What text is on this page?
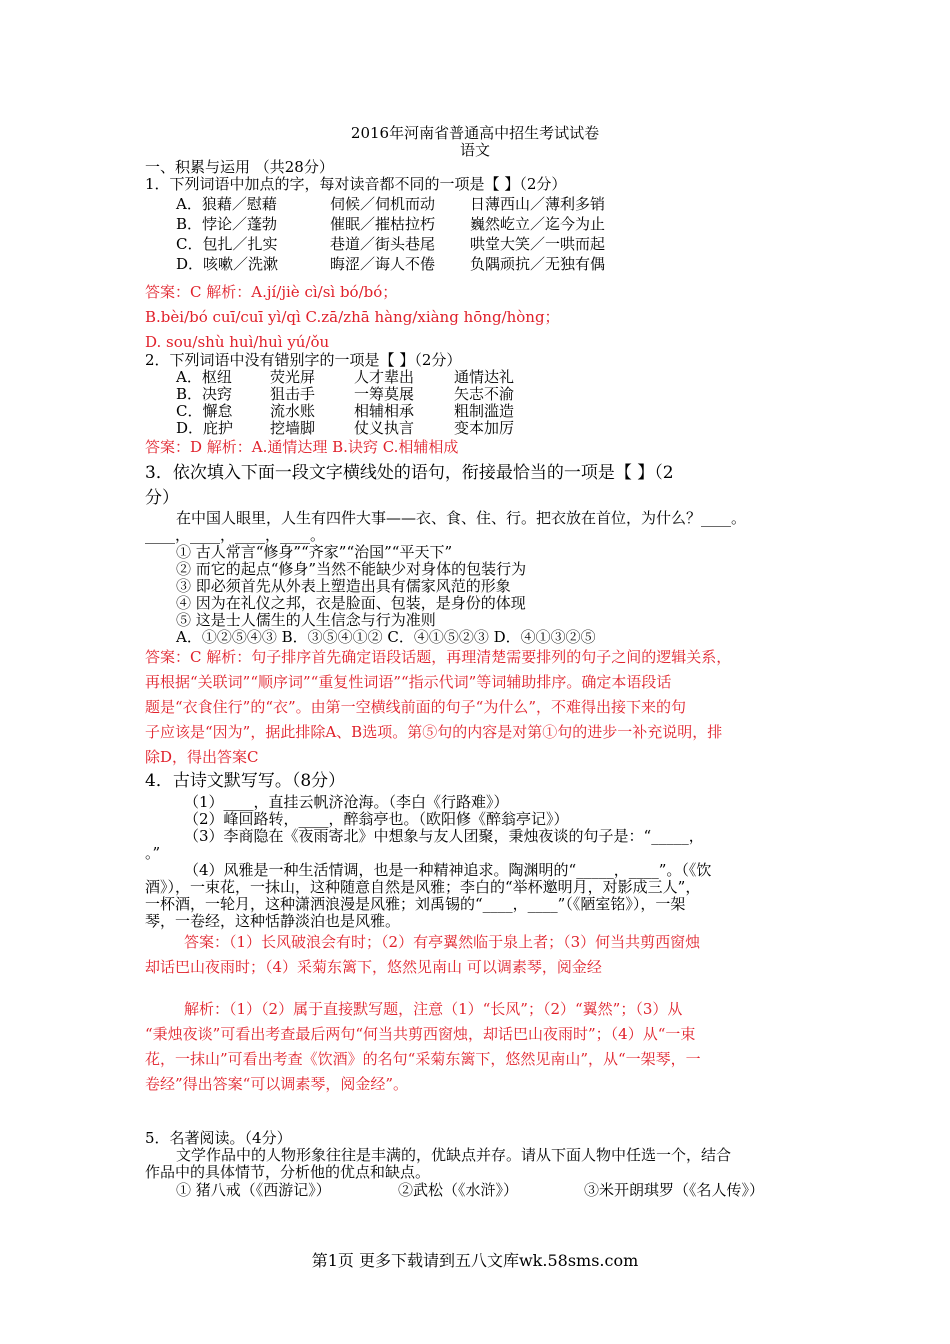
2016年河南省普通高中招生考试试卷
语文
一、积累与运用 （共28分）
1．下列词语中加点的字，每对读音都不同的一项是【 】（2分）
A．狼藉／慰藉	伺候／伺机而动 日薄西山／薄利多销
B．悖论／蓬勃	催眠／摧枯拉朽 巍然屹立／迄今为止
C．包扎／扎实	巷道／街头巷尾 哄堂大笑／一哄而起
D．咳嗽／洗漱	晦涩／诲人不倦 负隅顽抗／无独有偶
答案：C 解析：A.jí/jiè cì/sì bó/bó；
B.bèi/bó cuī/cuī yì/qì C.zā/zhā hàng/xiàng hōng/hòng；
D. sou/shù huì/huì yú/ǒu
2．下列词语中没有错别字的一项是【 】（2分）
A．枢纽	荧光屏	人才辈出	通情达礼
B．决窍	狙击手	一筹莫展	矢志不渝
C．懈怠	流水账	相辅相承	粗制滥造
D．庇护 挖墙脚	仗义执言	变本加厉
答案：D 解析：A.通情达理 B.诀窍 C.相辅相成
3．依次填入下面一段文字横线处的语句，衔接最恰当的一项是【 】（2
分）
在中国人眼里，人生有四件大事——衣、食、住、行。把衣放在首位，为什么？____。
____，____，____，____。
① 古人常言“修身”“齐家”“治国”“平天下”
② 而它的起点“修身”当然不能缺少对身体的包装行为
③ 即必须首先从外表上塑造出具有儒家风范的形象
④ 因为在礼仪之邦，衣是脸面、包装，是身份的体现
⑤ 这是士人儒生的人生信念与行为准则
A．①②⑤④③ B．③⑤④①② C．④①⑤②③ D．④①③②⑤
答案：C 解析：句子排序首先确定语段话题，再理清楚需要排列的句子之间的逻辑关系，
再根据“关联词”“顺序词”“重复性词语”“指示代词”等词辅助排序。确定本语段话
题是“衣食住行”的“衣”。由第一空横线前面的句子“为什么”，不难得出接下来的句
子应该是“因为”，据此排除A、B选项。第⑤句的内容是对第①句的进步一补充说明，排
除D，得出答案C
4．古诗文默写写。（8分）
（1）____，直挂云帆济沧海。（李白《行路难》）
（2）峰回路转，____，醉翁亭也。（欧阳修《醉翁亭记》）
（3）李商隐在《夜雨寄北》中想象与友人团聚，秉烛夜谈的句子是：“_____，
。”
（4）风雅是一种生活情调，也是一种精神追求。陶渊明的“_____，____”。（《饮
酒》），一束花，一抹山，这种随意自然是风雅；李白的“举杯邀明月，对影成三人”，
一杯酒，一轮月，这种潇洒浪漫是风雅；刘禹锡的“____，____”（《陋室铭》），一架
琴，一卷经，这种恬静淡泊也是风雅。
答案：（1）长风破浪会有时；（2）有亭翼然临于泉上者；（3）何当共剪西窗烛
却话巴山夜雨时；（4）采菊东篱下，悠然见南山 可以调素琴，阅金经
解析：（1）（2）属于直接默写题，注意（1）“长风”；（2）“翼然”；（3）从
“秉烛夜谈”可看出考查最后两句“何当共剪西窗烛，却话巴山夜雨时”；（4）从“一束
花，一抹山”可看出考查《饮酒》的名句“采菊东篱下，悠然见南山”，从“一架琴，一
卷经”得出答案“可以调素琴，阅金经”。
5．名著阅读。（4分）
文学作品中的人物形象往往是丰满的，优缺点并存。请从下面人物中任选一个，结合
作品中的具体情节，分析他的优点和缺点。
① 猪八戒（《西游记》）	②武松（《水浒》）	③米开朗琪罗（《名人传》）
第1页 更多下载请到五八文库wk.58sms.com
